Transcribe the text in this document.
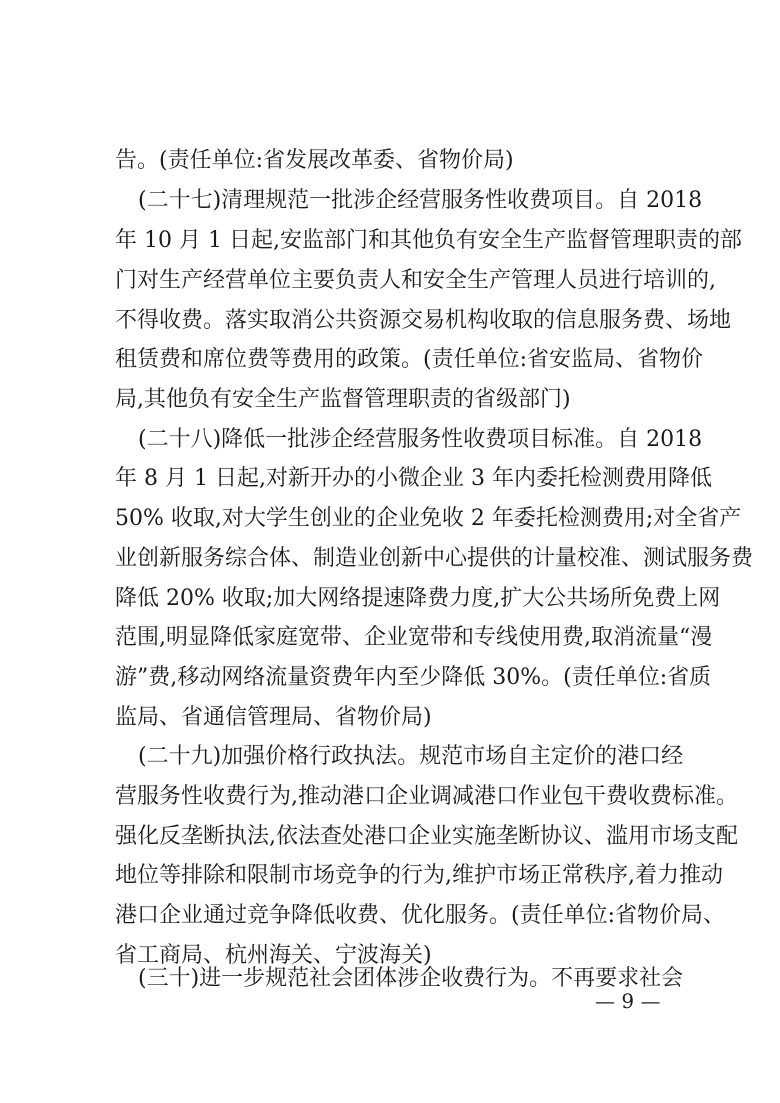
告。(责任单位:省发展改革委、省物价局)
(二十七)清理规范一批涉企经营服务性收费项目。自 2018
年 10 月 1 日起,安监部门和其他负有安全生产监督管理职责的部
门对生产经营单位主要负责人和安全生产管理人员进行培训的,
不得收费。落实取消公共资源交易机构收取的信息服务费、场地
租赁费和席位费等费用的政策。(责任单位:省安监局、省物价
局,其他负有安全生产监督管理职责的省级部门)
(二十八)降低一批涉企经营服务性收费项目标准。自 2018
年 8 月 1 日起,对新开办的小微企业 3 年内委托检测费用降低
50% 收取,对大学生创业的企业免收 2 年委托检测费用;对全省产
业创新服务综合体、制造业创新中心提供的计量校准、测试服务费
降低 20% 收取;加大网络提速降费力度,扩大公共场所免费上网
范围,明显降低家庭宽带、企业宽带和专线使用费,取消流量“漫
游”费,移动网络流量资费年内至少降低 30%。(责任单位:省质
监局、省通信管理局、省物价局)
(二十九)加强价格行政执法。规范市场自主定价的港口经
营服务性收费行为,推动港口企业调减港口作业包干费收费标准。
强化反垄断执法,依法查处港口企业实施垄断协议、滥用市场支配
地位等排除和限制市场竞争的行为,维护市场正常秩序,着力推动
港口企业通过竞争降低收费、优化服务。(责任单位:省物价局、
省工商局、杭州海关、宁波海关)
(三十)进一步规范社会团体涉企收费行为。不再要求社会
— 9 —
